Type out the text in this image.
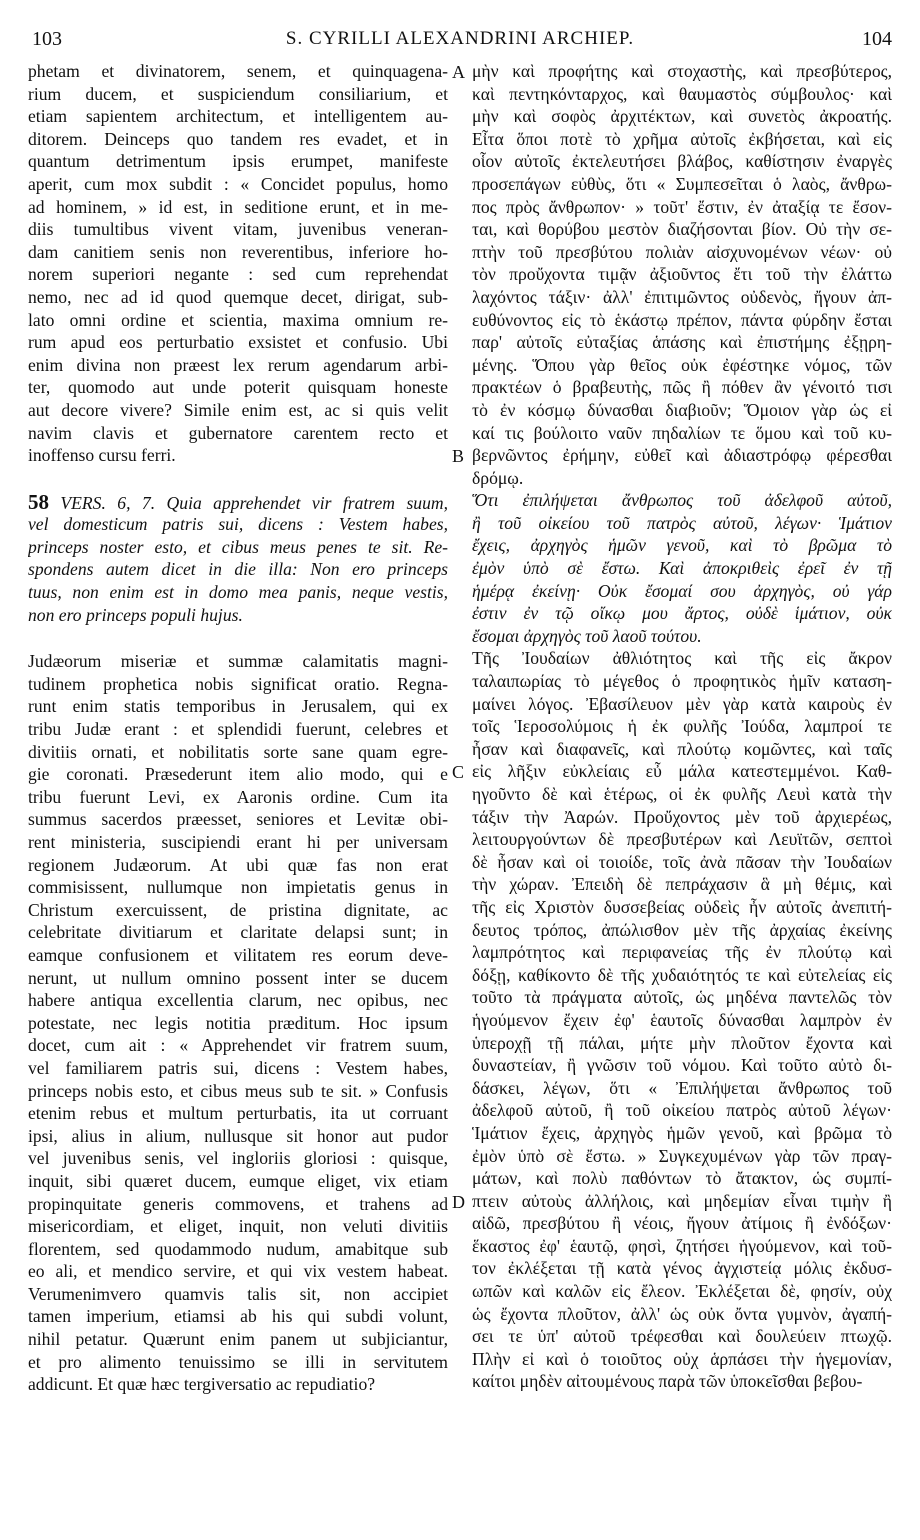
103	S. CYRILLI ALEXANDRINI ARCHIEP.	104
A
B
C
D
phetam et divinatorem, senem, et quinquagena-
rium ducem, et suspiciendum consiliarium, et
etiam sapientem architectum, et intelligentem au-
ditorem. Deinceps quo tandem res evadet, et in
quantum detrimentum ipsis erumpet, manifeste
aperit, cum mox subdit : « Concidet populus, homo
ad hominem, » id est, in seditione erunt, et in me-
diis tumultibus vivent vitam, juvenibus veneran-
dam canitiem senis non reverentibus, inferiore ho-
norem superiori negante : sed cum reprehendat
nemo, nec ad id quod quemque decet, dirigat, sub-
lato omni ordine et scientia, maxima omnium re-
rum apud eos perturbatio exsistet et confusio. Ubi
enim divina non præest lex rerum agendarum arbi-
ter, quomodo aut unde poterit quisquam honeste
aut decore vivere? Simile enim est, ac si quis velit
navim clavis et gubernatore carentem recto et
inoffenso cursu ferri.
58 VERS. 6, 7. Quia apprehendet vir fratrem suum,
vel domesticum patris sui, dicens : Vestem habes,
princeps noster esto, et cibus meus penes te sit. Re-
spondens autem dicet in die illa: Non ero princeps
tuus, non enim est in domo mea panis, neque vestis,
non ero princeps populi hujus.
Judæorum miseriæ et summæ calamitatis magni-
tudinem prophetica nobis significat oratio. Regna-
runt enim statis temporibus in Jerusalem, qui ex
tribu Judæ erant : et splendidi fuerunt, celebres et
divitiis ornati, et nobilitatis sorte sane quam egre-
gie coronati. Præsederunt item alio modo, qui e
tribu fuerunt Levi, ex Aaronis ordine. Cum ita
summus sacerdos præesset, seniores et Levitæ obi-
rent ministeria, suscipiendi erant hi per universam
regionem Judæorum. At ubi quæ fas non erat
commisissent, nullumque non impietatis genus in
Christum exercuissent, de pristina dignitate, ac
celebritate divitiarum et claritate delapsi sunt; in
eamque confusionem et vilitatem res eorum deve-
nerunt, ut nullum omnino possent inter se ducem
habere antiqua excellentia clarum, nec opibus, nec
potestate, nec legis notitia præditum. Hoc ipsum
docet, cum ait : « Apprehendet vir fratrem suum,
vel familiarem patris sui, dicens : Vestem habes,
princeps nobis esto, et cibus meus sub te sit. » Confusis
etenim rebus et multum perturbatis, ita ut corruant
ipsi, alius in alium, nullusque sit honor aut pudor
vel juvenibus senis, vel ingloriis gloriosi : quisque,
inquit, sibi quæret ducem, eumque eliget, vix etiam
propinquitate generis commovens, et trahens ad
misericordiam, et eliget, inquit, non veluti divitiis
florentem, sed quodammodo nudum, amabitque sub
eo ali, et mendico servire, et qui vix vestem habeat.
Verumenimvero quamvis talis sit, non accipiet
tamen imperium, etiamsi ab his qui subdi volunt,
nihil petatur. Quærunt enim panem ut subjiciantur,
et pro alimento tenuissimo se illi in servitutem
addicunt. Et quæ hæc tergiversatio ac repudiatio?
μὴν καὶ προφήτης καὶ στοχαστὴς, καὶ πρεσβύτερος,
καὶ πεντηκόνταρχος, καὶ θαυμαστὸς σύμβουλος· καὶ
μὴν καὶ σοφὸς ἀρχιτέκτων, καὶ συνετὸς ἀκροατής.
Εἶτα ὅποι ποτὲ τὸ χρῆμα αὐτοῖς ἐκβήσεται, καὶ εἰς
οἷον αὐτοῖς ἐκτελευτήσει βλάβος, καθίστησιν ἐναργὲς
προσεπάγων εὐθὺς, ὅτι « Συμπεσεῖται ὁ λαὸς, ἄνθρω-
πος πρὸς ἄνθρωπον· » τοῦτ' ἔστιν, ἐν ἀταξίᾳ τε ἔσον-
ται, καὶ θορύβου μεστὸν διαζήσονται βίον. Οὐ τὴν σε-
πτὴν τοῦ πρεσβύτου πολιὰν αἰσχυνομένων νέων· οὐ
τὸν προὔχοντα τιμᾷν ἀξιοῦντος ἔτι τοῦ τὴν ἐλάττω
λαχόντος τάξιν· ἀλλ' ἐπιτιμῶντος οὐδενὸς, ἤγουν ἀπ-
ευθύνοντος εἰς τὸ ἑκάστῳ πρέπον, πάντα φύρδην ἔσται
παρ' αὐτοῖς εὐταξίας ἁπάσης καὶ ἐπιστήμης ἐξῃρη-
μένης. Ὅπου γὰρ θεῖος οὐκ ἐφέστηκε νόμος, τῶν
πρακτέων ὁ βραβευτὴς, πῶς ἢ πόθεν ἂν γένοιτό τισι
τὸ ἐν κόσμῳ δύνασθαι διαβιοῦν; Ὅμοιον γὰρ ὡς εἰ
καί τις βούλοιτο ναῦν πηδαλίων τε ὅμου καὶ τοῦ κυ-
βερνῶντος ἐρήμην, εὐθεῖ καὶ ἀδιαστρόφῳ φέρεσθαι
δρόμῳ.
Ὅτι ἐπιλήψεται ἄνθρωπος τοῦ ἀδελφοῦ αὐτοῦ,
ἢ τοῦ οἰκείου τοῦ πατρὸς αὐτοῦ, λέγων· Ἱμάτιον
ἔχεις, ἀρχηγὸς ἡμῶν γενοῦ, καὶ τὸ βρῶμα τὸ
ἐμὸν ὑπὸ σὲ ἔστω. Καὶ ἀποκριθεὶς ἐρεῖ ἐν τῇ
ἡμέρᾳ ἐκείνῃ· Οὐκ ἔσομαί σου ἀρχηγὸς, οὐ γάρ
ἐστιν ἐν τῷ οἴκῳ μου ἄρτος, οὐδὲ ἱμάτιον, οὐκ
ἔσομαι ἀρχηγὸς τοῦ λαοῦ τούτου.
Τῆς Ἰουδαίων ἀθλιότητος καὶ τῆς εἰς ἄκρον
ταλαιπωρίας τὸ μέγεθος ὁ προφητικὸς ἡμῖν καταση-
μαίνει λόγος. Ἐβασίλευον μὲν γὰρ κατὰ καιροὺς ἐν
τοῖς Ἱεροσολύμοις ἡ ἐκ φυλῆς Ἰούδα, λαμπροί τε
ἦσαν καὶ διαφανεῖς, καὶ πλούτῳ κομῶντες, καὶ ταῖς
εἰς λῆξιν εὐκλείαις εὖ μάλα κατεστεμμένοι. Καθ-
ηγοῦντο δὲ καὶ ἑτέρως, οἱ ἐκ φυλῆς Λευὶ κατὰ τὴν
τάξιν τὴν Ἀαρών. Προὔχοντος μὲν τοῦ ἀρχιερέως,
λειτουργούντων δὲ πρεσβυτέρων καὶ Λευϊτῶν, σεπτοὶ
δὲ ἦσαν καὶ οἱ τοιοίδε, τοῖς ἀνὰ πᾶσαν τὴν Ἰουδαίων
τὴν χώραν. Ἐπειδὴ δὲ πεπράχασιν ἃ μὴ θέμις, καὶ
τῆς εἰς Χριστὸν δυσσεβείας οὐδεὶς ἦν αὐτοῖς ἀνεπιτή-
δευτος τρόπος, ἀπώλισθον μὲν τῆς ἀρχαίας ἐκείνης
λαμπρότητος καὶ περιφανείας τῆς ἐν πλούτῳ καὶ
δόξῃ, καθίκοντο δὲ τῆς χυδαιότητός τε καὶ εὐτελείας εἰς
τοῦτο τὰ πράγματα αὐτοῖς, ὡς μηδένα παντελῶς τὸν
ἡγούμενον ἔχειν ἐφ' ἑαυτοῖς δύνασθαι λαμπρὸν ἐν
ὑπεροχῇ τῇ πάλαι, μήτε μὴν πλοῦτον ἔχοντα καὶ
δυναστείαν, ἢ γνῶσιν τοῦ νόμου. Καὶ τοῦτο αὐτὸ δι-
δάσκει, λέγων, ὅτι « Ἐπιλήψεται ἄνθρωπος τοῦ
ἀδελφοῦ αὐτοῦ, ἢ τοῦ οἰκείου πατρὸς αὐτοῦ λέγων·
Ἱμάτιον ἔχεις, ἀρχηγὸς ἡμῶν γενοῦ, καὶ βρῶμα τὸ
ἐμὸν ὑπὸ σὲ ἔστω. » Συγκεχυμένων γὰρ τῶν πραγ-
μάτων, καὶ πολὺ παθόντων τὸ ἄτακτον, ὡς συμπί-
πτειν αὐτοὺς ἀλλήλοις, καὶ μηδεμίαν εἶναι τιμὴν ἢ
αἰδῶ, πρεσβύτου ἢ νέοις, ἤγουν ἀτίμοις ἢ ἐνδόξων·
ἕκαστος ἐφ' ἑαυτῷ, φησὶ, ζητήσει ἡγούμενον, καὶ τοῦ-
τον ἐκλέξεται τῇ κατὰ γένος ἀγχιστείᾳ μόλις ἐκδυσ-
ωπῶν καὶ καλῶν εἰς ἔλεον. Ἐκλέξεται δὲ, φησίν, οὐχ
ὡς ἔχοντα πλοῦτον, ἀλλ' ὡς οὐκ ὄντα γυμνὸν, ἀγαπή-
σει τε ὑπ' αὐτοῦ τρέφεσθαι καὶ δουλεύειν πτωχῷ.
Πλὴν εἰ καὶ ὁ τοιοῦτος οὐχ ἁρπάσει τὴν ἡγεμονίαν,
καίτοι μηδὲν αἰτουμένους παρὰ τῶν ὑποκεῖσθαι βεβου-
